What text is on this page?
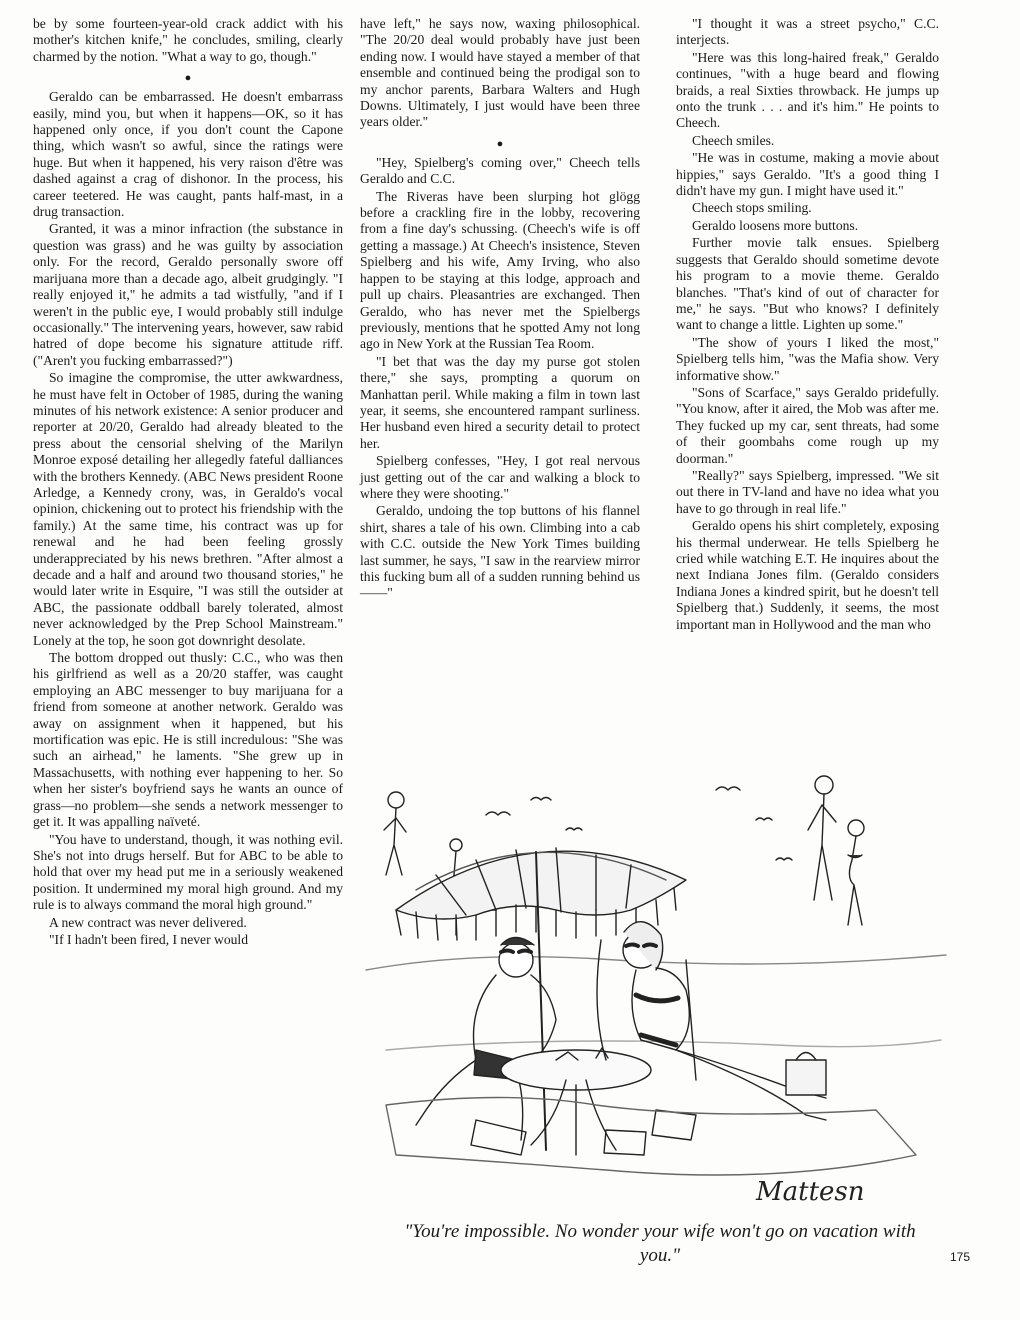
be by some fourteen-year-old crack addict with his mother's kitchen knife," he concludes, smiling, clearly charmed by the notion. "What a way to go, though."

●

Geraldo can be embarrassed. He doesn't embarrass easily, mind you, but when it happens—OK, so it has happened only once, if you don't count the Capone thing, which wasn't so awful, since the ratings were huge. But when it happened, his very raison d'être was dashed against a crag of dishonor. In the process, his career teetered. He was caught, pants half-mast, in a drug transaction.

Granted, it was a minor infraction (the substance in question was grass) and he was guilty by association only. For the record, Geraldo personally swore off marijuana more than a decade ago, albeit grudgingly. "I really enjoyed it," he admits a tad wistfully, "and if I weren't in the public eye, I would probably still indulge occasionally." The intervening years, however, saw rabid hatred of dope become his signature attitude riff. ("Aren't you fucking embarrassed?")

So imagine the compromise, the utter awkwardness, he must have felt in October of 1985, during the waning minutes of his network existence: A senior producer and reporter at 20/20, Geraldo had already bleated to the press about the censorial shelving of the Marilyn Monroe exposé detailing her allegedly fateful dalliances with the brothers Kennedy. (ABC News president Roone Arledge, a Kennedy crony, was, in Geraldo's vocal opinion, chickening out to protect his friendship with the family.) At the same time, his contract was up for renewal and he had been feeling grossly underappreciated by his news brethren. "After almost a decade and a half and around two thousand stories," he would later write in Esquire, "I was still the outsider at ABC, the passionate oddball barely tolerated, almost never acknowledged by the Prep School Mainstream." Lonely at the top, he soon got downright desolate.

The bottom dropped out thusly: C.C., who was then his girlfriend as well as a 20/20 staffer, was caught employing an ABC messenger to buy marijuana for a friend from someone at another network. Geraldo was away on assignment when it happened, but his mortification was epic. He is still incredulous: "She was such an airhead," he laments. "She grew up in Massachusetts, with nothing ever happening to her. So when her sister's boyfriend says he wants an ounce of grass—no problem—she sends a network messenger to get it. It was appalling naïveté.

"You have to understand, though, it was nothing evil. She's not into drugs herself. But for ABC to be able to hold that over my head put me in a seriously weakened position. It undermined my moral high ground. And my rule is to always command the moral high ground."

A new contract was never delivered.

"If I hadn't been fired, I never would

have left," he says now, waxing philosophical. "The 20/20 deal would probably have just been ending now. I would have stayed a member of that ensemble and continued being the prodigal son to my anchor parents, Barbara Walters and Hugh Downs. Ultimately, I just would have been three years older."

●

"Hey, Spielberg's coming over," Cheech tells Geraldo and C.C.

The Riveras have been slurping hot glögg before a crackling fire in the lobby, recovering from a fine day's schussing. (Cheech's wife is off getting a massage.) At Cheech's insistence, Steven Spielberg and his wife, Amy Irving, who also happen to be staying at this lodge, approach and pull up chairs. Pleasantries are exchanged. Then Geraldo, who has never met the Spielbergs previously, mentions that he spotted Amy not long ago in New York at the Russian Tea Room.

"I bet that was the day my purse got stolen there," she says, prompting a quorum on Manhattan peril. While making a film in town last year, it seems, she encountered rampant surliness. Her husband even hired a security detail to protect her.

Spielberg confesses, "Hey, I got real nervous just getting out of the car and walking a block to where they were shooting."

Geraldo, undoing the top buttons of his flannel shirt, shares a tale of his own. Climbing into a cab with C.C. outside the New York Times building last summer, he says, "I saw in the rearview mirror this fucking bum all of a sudden running behind us——"

"I thought it was a street psycho," C.C. interjects.

"Here was this long-haired freak," Geraldo continues, "with a huge beard and flowing braids, a real Sixties throwback. He jumps up onto the trunk . . . and it's him." He points to Cheech.

Cheech smiles.

"He was in costume, making a movie about hippies," says Geraldo. "It's a good thing I didn't have my gun. I might have used it."

Cheech stops smiling.

Geraldo loosens more buttons.

Further movie talk ensues. Spielberg suggests that Geraldo should sometime devote his program to a movie theme. Geraldo blanches. "That's kind of out of character for me," he says. "But who knows? I definitely want to change a little. Lighten up some."

"The show of yours I liked the most," Spielberg tells him, "was the Mafia show. Very informative show."

"Sons of Scarface," says Geraldo pridefully. "You know, after it aired, the Mob was after me. They fucked up my car, sent threats, had some of their goombahs come rough up my doorman."

"Really?" says Spielberg, impressed. "We sit out there in TV-land and have no idea what you have to go through in real life."

Geraldo opens his shirt completely, exposing his thermal underwear. He tells Spielberg he cried while watching E.T. He inquires about the next Indiana Jones film. (Geraldo considers Indiana Jones a kindred spirit, but he doesn't tell Spielberg that.) Suddenly, it seems, the most important man in Hollywood and the man who

Mattesn
"You're impossible. No wonder your wife won't go on vacation with you."	175
